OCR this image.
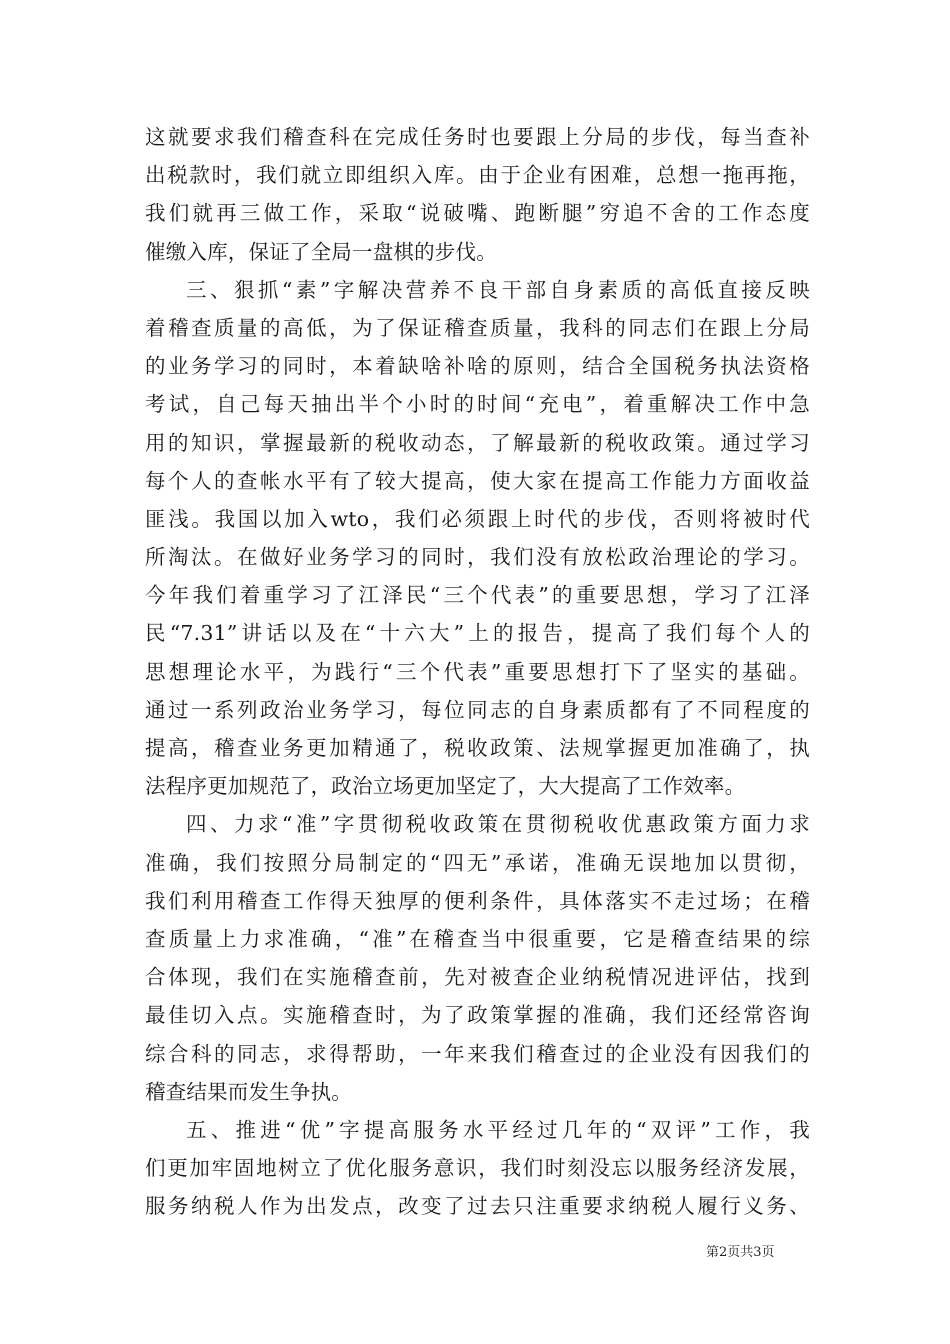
这就要求我们稽查科在完成任务时也要跟上分局的步伐，每当查补
出税款时，我们就立即组织入库。由于企业有困难，总想一拖再拖，
我们就再三做工作，采取“说破嘴、跑断腿”穷追不舍的工作态度
催缴入库，保证了全局一盘棋的步伐。
三、狠抓“素”字解决营养不良干部自身素质的高低直接反映
着稽查质量的高低，为了保证稽查质量，我科的同志们在跟上分局
的业务学习的同时，本着缺啥补啥的原则，结合全国税务执法资格
考试，自己每天抽出半个小时的时间“充电”，着重解决工作中急
用的知识，掌握最新的税收动态，了解最新的税收政策。通过学习
每个人的查帐水平有了较大提高，使大家在提高工作能力方面收益
匪浅。我国以加入wto，我们必须跟上时代的步伐，否则将被时代
所淘汰。在做好业务学习的同时，我们没有放松政治理论的学习。
今年我们着重学习了江泽民“三个代表”的重要思想，学习了江泽
民“7.31”讲话以及在“十六大”上的报告，提高了我们每个人的
思想理论水平，为践行“三个代表”重要思想打下了坚实的基础。
通过一系列政治业务学习，每位同志的自身素质都有了不同程度的
提高，稽查业务更加精通了，税收政策、法规掌握更加准确了，执
法程序更加规范了，政治立场更加坚定了，大大提高了工作效率。
四、力求“准”字贯彻税收政策在贯彻税收优惠政策方面力求
准确，我们按照分局制定的“四无”承诺，准确无误地加以贯彻，
我们利用稽查工作得天独厚的便利条件，具体落实不走过场；在稽
查质量上力求准确，“准”在稽查当中很重要，它是稽查结果的综
合体现，我们在实施稽查前，先对被查企业纳税情况进评估，找到
最佳切入点。实施稽查时，为了政策掌握的准确，我们还经常咨询
综合科的同志，求得帮助，一年来我们稽查过的企业没有因我们的
稽查结果而发生争执。
五、推进“优”字提高服务水平经过几年的“双评”工作，我
们更加牢固地树立了优化服务意识，我们时刻没忘以服务经济发展，
服务纳税人作为出发点，改变了过去只注重要求纳税人履行义务、
第2页共3页
